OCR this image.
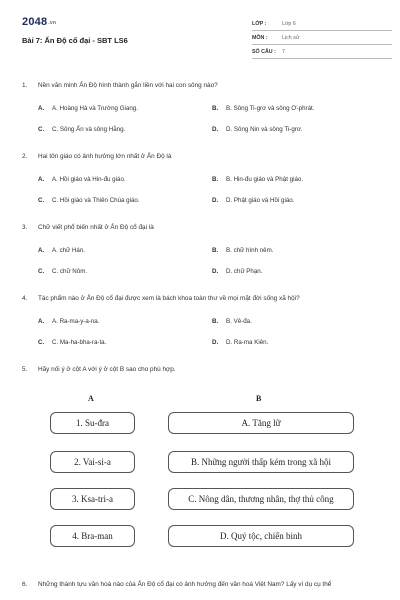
2048.vn
Bài 7: Ấn Độ cổ đại - SBT LS6
LỚP :	Lớp 6
MÔN :	Lịch sử
SỐ CÂU :	7
1. Nền văn minh Ấn Độ hình thành gắn liền với hai con sông nào?
A. A. Hoàng Hà và Trường Giang.	B. B. Sông Ti-grơ và sông Ơ-phrát.
C. C. Sông Ấn và sông Hằng.	D. D. Sông Nin và sông Ti-grơ.
2. Hai tôn giáo có ảnh hưởng lớn nhất ở Ấn Độ là
A. A. Hồi giáo và Hin-đu giáo.	B. B. Hin-đu giáo và Phật giáo.
C. C. Hồi giáo và Thiên Chúa giáo.	D. D. Phật giáo và Hồi giáo.
3. Chữ viết phổ biến nhất ở Ấn Độ cổ đại là
A. A. chữ Hán.	B. B. chữ hình nêm.
C. C. chữ Nôm.	D. D. chữ Phạn.
4. Tác phẩm nào ở Ấn Độ cổ đại được xem là bách khoa toàn thư về mọi mặt đời sống xã hội?
A. A. Ra-ma-y-a-na.	B. B. Vê-đa.
C. C. Ma-ha-bha-ra-ta.	D. D. Ra-ma Kiên.
5. Hãy nối ý ở cột A với ý ở cột B sao cho phù hợp.
A	B
1. Su-đra	A. Tăng lữ
2. Vai-si-a	B. Những người thấp kém trong xã hội
3. Ksa-tri-a	C. Nông dân, thương nhân, thợ thủ công
4. Bra-man	D. Quý tộc, chiến binh
6. Những thành tựu văn hoá nào của Ấn Độ cổ đại có ảnh hưởng đến văn hoá Việt Nam? Lấy ví dụ cụ thể
